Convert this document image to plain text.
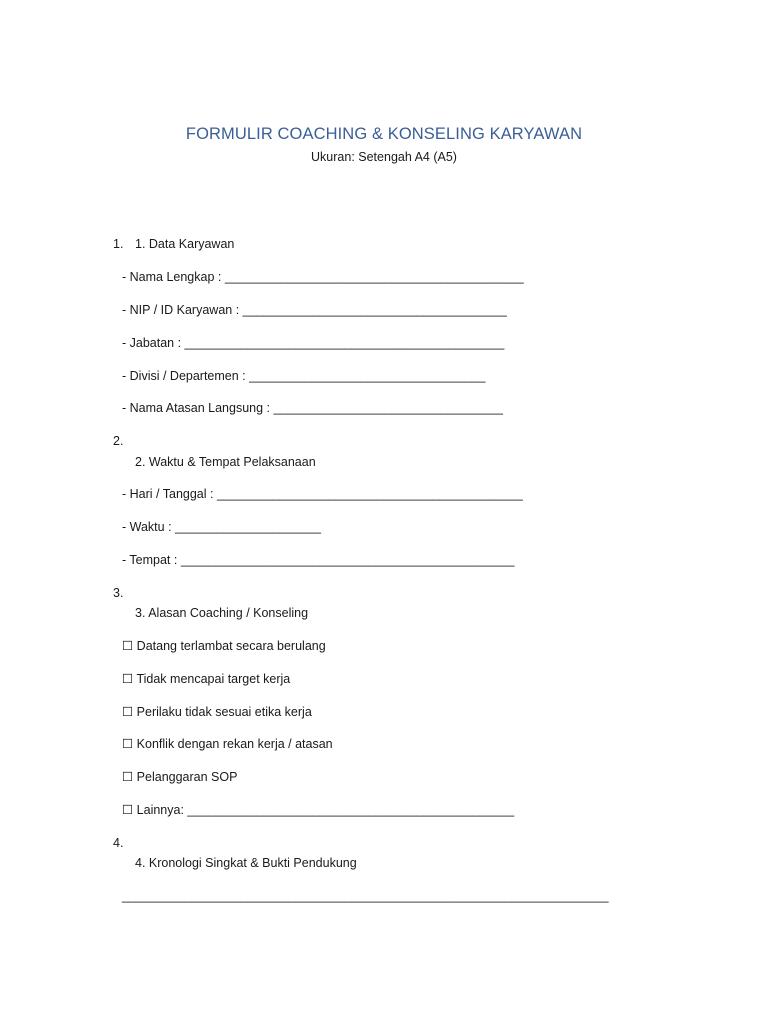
FORMULIR COACHING & KONSELING KARYAWAN
Ukuran: Setengah A4 (A5)
1. 1. Data Karyawan
- Nama Lengkap : ___________________________________________
- NIP / ID Karyawan : ______________________________________
- Jabatan : ______________________________________________
- Divisi / Departemen : __________________________________
- Nama Atasan Langsung : _________________________________
2.
2. Waktu & Tempat Pelaksanaan
- Hari / Tanggal : ____________________________________________
- Waktu : _____________________
- Tempat : ________________________________________________
3.
3. Alasan Coaching / Konseling
☐ Datang terlambat secara berulang
☐ Tidak mencapai target kerja
☐ Perilaku tidak sesuai etika kerja
☐ Konflik dengan rekan kerja / atasan
☐ Pelanggaran SOP
☐ Lainnya: _______________________________________________
4.
4. Kronologi Singkat & Bukti Pendukung
______________________________________________________________________
